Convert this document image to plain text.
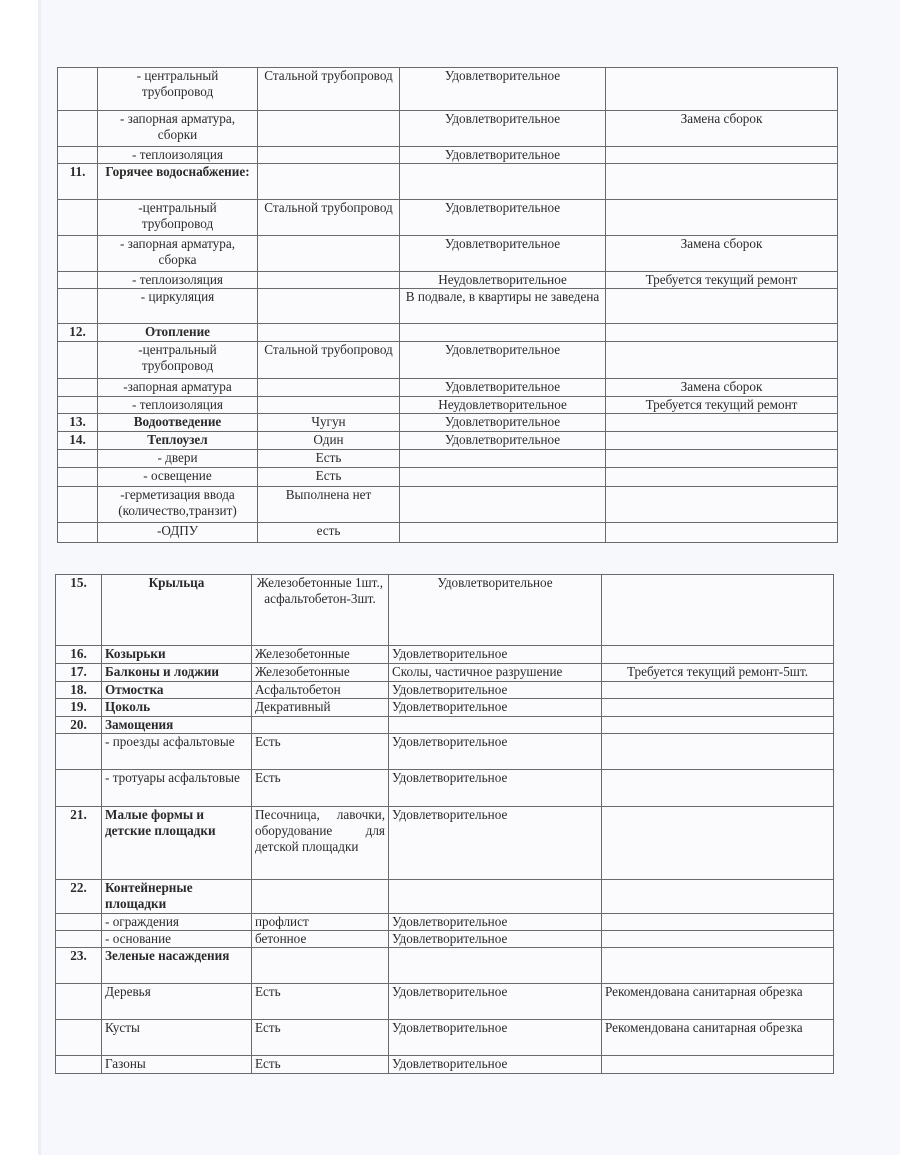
	- центральный трубопровод	Стальной трубопровод	Удовлетворительное	
	- запорная арматура, сборки		Удовлетворительное	Замена сборок
	- теплоизоляция		Удовлетворительное	
11.	Горячее водоснабжение:			
	-центральный трубопровод	Стальной трубопровод	Удовлетворительное	
	- запорная арматура, сборка		Удовлетворительное	Замена сборок
	- теплоизоляция		Неудовлетворительное	Требуется текущий ремонт
	- циркуляция		В подвале, в квартиры не заведена	
12.	Отопление			
	-центральный трубопровод	Стальной трубопровод	Удовлетворительное	
	-запорная арматура		Удовлетворительное	Замена сборок
	- теплоизоляция		Неудовлетворительное	Требуется текущий ремонт
13.	Водоотведение	Чугун	Удовлетворительное	
14.	Теплоузел	Один	Удовлетворительное	
	- двери	Есть		
	- освещение	Есть		
	-герметизация ввода (количество,транзит)	Выполнена нет		
	-ОДПУ	есть		
15.	Крыльца	Железобетонные 1шт., асфальтобетон-3шт.	Удовлетворительное	
16.	Козырьки	Железобетонные	Удовлетворительное	
17.	Балконы и лоджии	Железобетонные	Сколы, частичное разрушение	Требуется текущий ремонт-5шт.
18.	Отмостка	Асфальтобетон	Удовлетворительное	
19.	Цоколь	Декративный	Удовлетворительное	
20.	Замощения			
	- проезды асфальтовые	Есть	Удовлетворительное	
	- тротуары асфальтовые	Есть	Удовлетворительное	
21.	Малые формы и детские площадки	Песочница, лавочки, оборудование для детской площадки	Удовлетворительное	
22.	Контейнерные площадки			
	- ограждения	профлист	Удовлетворительное	
	- основание	бетонное	Удовлетворительное	
23.	Зеленые насаждения			
	Деревья	Есть	Удовлетворительное	Рекомендована санитарная обрезка
	Кусты	Есть	Удовлетворительное	Рекомендована санитарная обрезка
	Газоны	Есть	Удовлетворительное	
